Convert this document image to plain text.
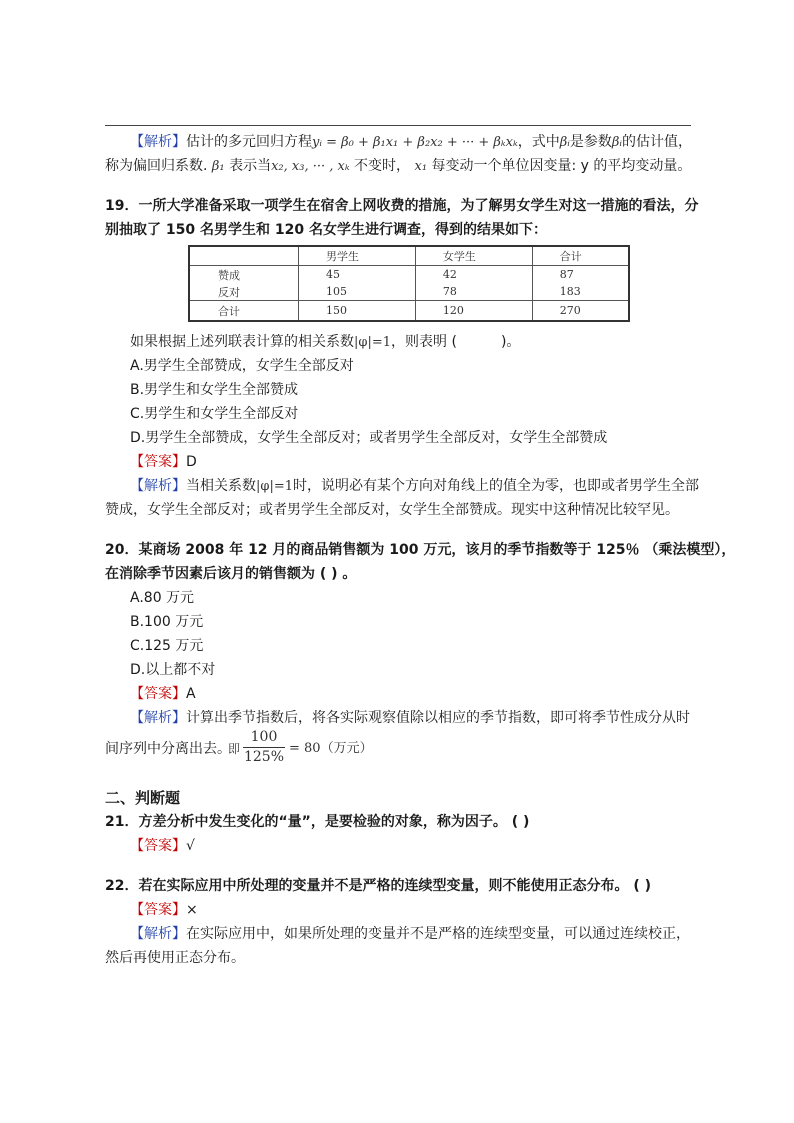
【解析】估计的多元回归方程yᵢ = β₀ + β₁x₁ + β₂x₂ + ··· + βₖxₖ，式中βᵢ是参数βᵢ的估计值，
称为偏回归系数. β₁ 表示当x₂, x₃, ··· , xₖ 不变时， x₁ 每变动一个单位因变量: y 的平均变动量。
19．一所大学准备采取一项学生在宿舍上网收费的措施，为了解男女学生对这一措施的看法，分
别抽取了 150 名男学生和 120 名女学生进行调查，得到的结果如下：
	男学生	女学生	合计
赞成	45	42	87
反对	105	78	183
合计	150	120	270
如果根据上述列联表计算的相关系数|φ|=1，则表明 (	)。
A.男学生全部赞成，女学生全部反对
B.男学生和女学生全部赞成
C.男学生和女学生全部反对
D.男学生全部赞成，女学生全部反对；或者男学生全部反对，女学生全部赞成
【答案】D
【解析】当相关系数|φ|=1时，说明必有某个方向对角线上的值全为零，也即或者男学生全部
赞成，女学生全部反对；或者男学生全部反对，女学生全部赞成。现实中这种情况比较罕见。
20．某商场 2008 年 12 月的商品销售额为 100 万元，该月的季节指数等于 125％ （乘法模型），
在消除季节因素后该月的销售额为 ( ) 。
A.80 万元
B.100 万元
C.125 万元
D.以上都不对
【答案】A
【解析】计算出季节指数后，将各实际观察值除以相应的季节指数，即可将季节性成分从时
间序列中分离出去。
即
100
125%
= 80（万元）
二、判断题
21．方差分析中发生变化的“量”，是要检验的对象，称为因子。 ( )
【答案】√
22．若在实际应用中所处理的变量并不是严格的连续型变量，则不能使用正态分布。 ( )
【答案】×
【解析】在实际应用中，如果所处理的变量并不是严格的连续型变量，可以通过连续校正，
然后再使用正态分布。
